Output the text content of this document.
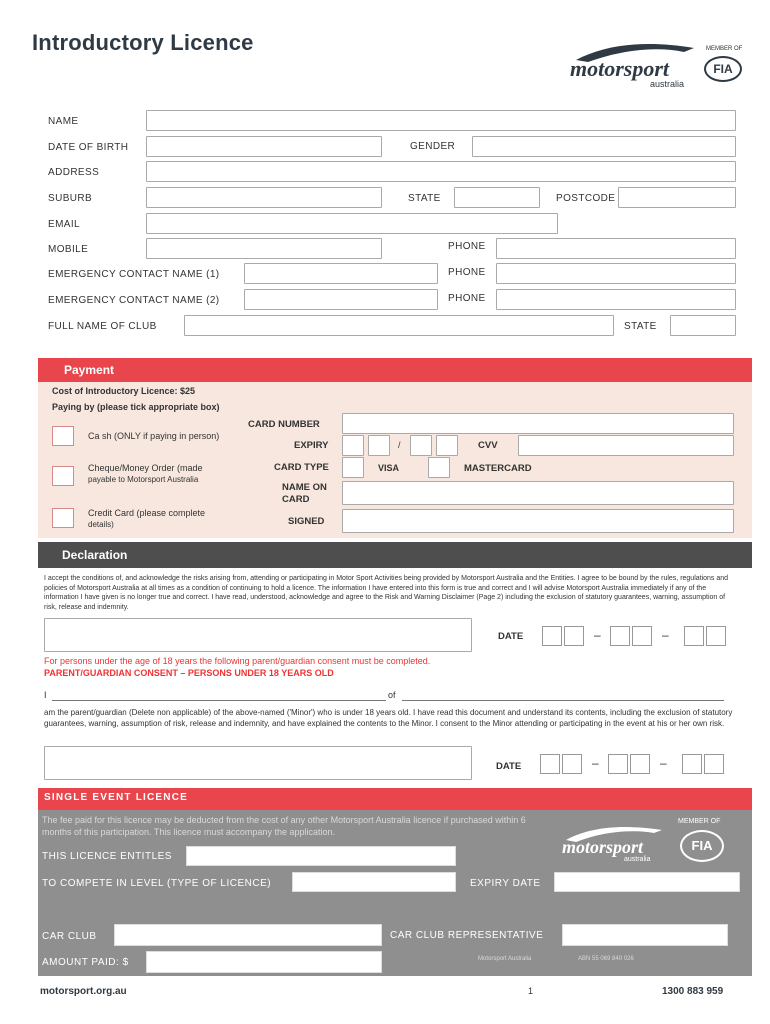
Introductory Licence
motorsport
australia
MEMBER OF
FIA
NAME
DATE OF BIRTH	GENDER
ADDRESS
SUBURB	STATE	POSTCODE
EMAIL
MOBILE	PHONE
EMERGENCY CONTACT NAME (1)	PHONE
EMERGENCY CONTACT NAME (2)	PHONE
FULL NAME OF CLUB	STATE
Payment
Cost of Introductory Licence: $25
Paying by (please tick appropriate box)
Ca sh (ONLY if paying in person)
Cheque/Money Order (made
payable to Motorsport Australia
Credit Card (please complete
details)
CARD NUMBER
EXPIRY	/	CVV
CARD TYPE	VISA	MASTERCARD
NAME ON
CARD
SIGNED
Declaration
I accept the conditions of, and acknowledge the risks arising from, attending or participating in Motor Sport Activities being provided by Motorsport Australia and the Entities. I agree to be bound by the rules, regulations and policies of Motorsport Australia at all times as a condition of continuing to hold a licence. The information I have entered into this form is true and correct and I will advise Motorsport Australia immediately if any of the information I have given is no longer true and correct. I have read, understood, acknowledge and agree to the Risk and Warning Disclaimer (Page 2) including the exclusion of statutory guarantees, warning, assumption of risk, release and indemnity.
DATE	–	–
For persons under the age of 18 years the following parent/guardian consent must be completed.
PARENT/GUARDIAN CONSENT – PERSONS UNDER 18 YEARS OLD
I	of
am the parent/guardian (Delete non applicable) of the above-named ('Minor') who is under 18 years old. I have read this document and understand its contents, including the exclusion of statutory guarantees, warning, assumption of risk, release and indemnity, and have explained the contents to the Minor. I consent to the Minor attending or participating in the event at his or her own risk.
DATE	–	–
SINGLE EVENT LICENCE
The fee paid for this licence may be deducted from the cost of any other Motorsport Australia licence if purchased within 6 months of this participation. This licence must accompany the application.
THIS LICENCE ENTITLES
TO COMPETE IN LEVEL (TYPE OF LICENCE)	EXPIRY DATE
motorsport
australia
MEMBER OF
FIA
CAR CLUB	CAR CLUB REPRESENTATIVE
AMOUNT PAID: $	Motorsport Australia	ABN 55 069 840 026
motorsport.org.au	1	1300 883 959
